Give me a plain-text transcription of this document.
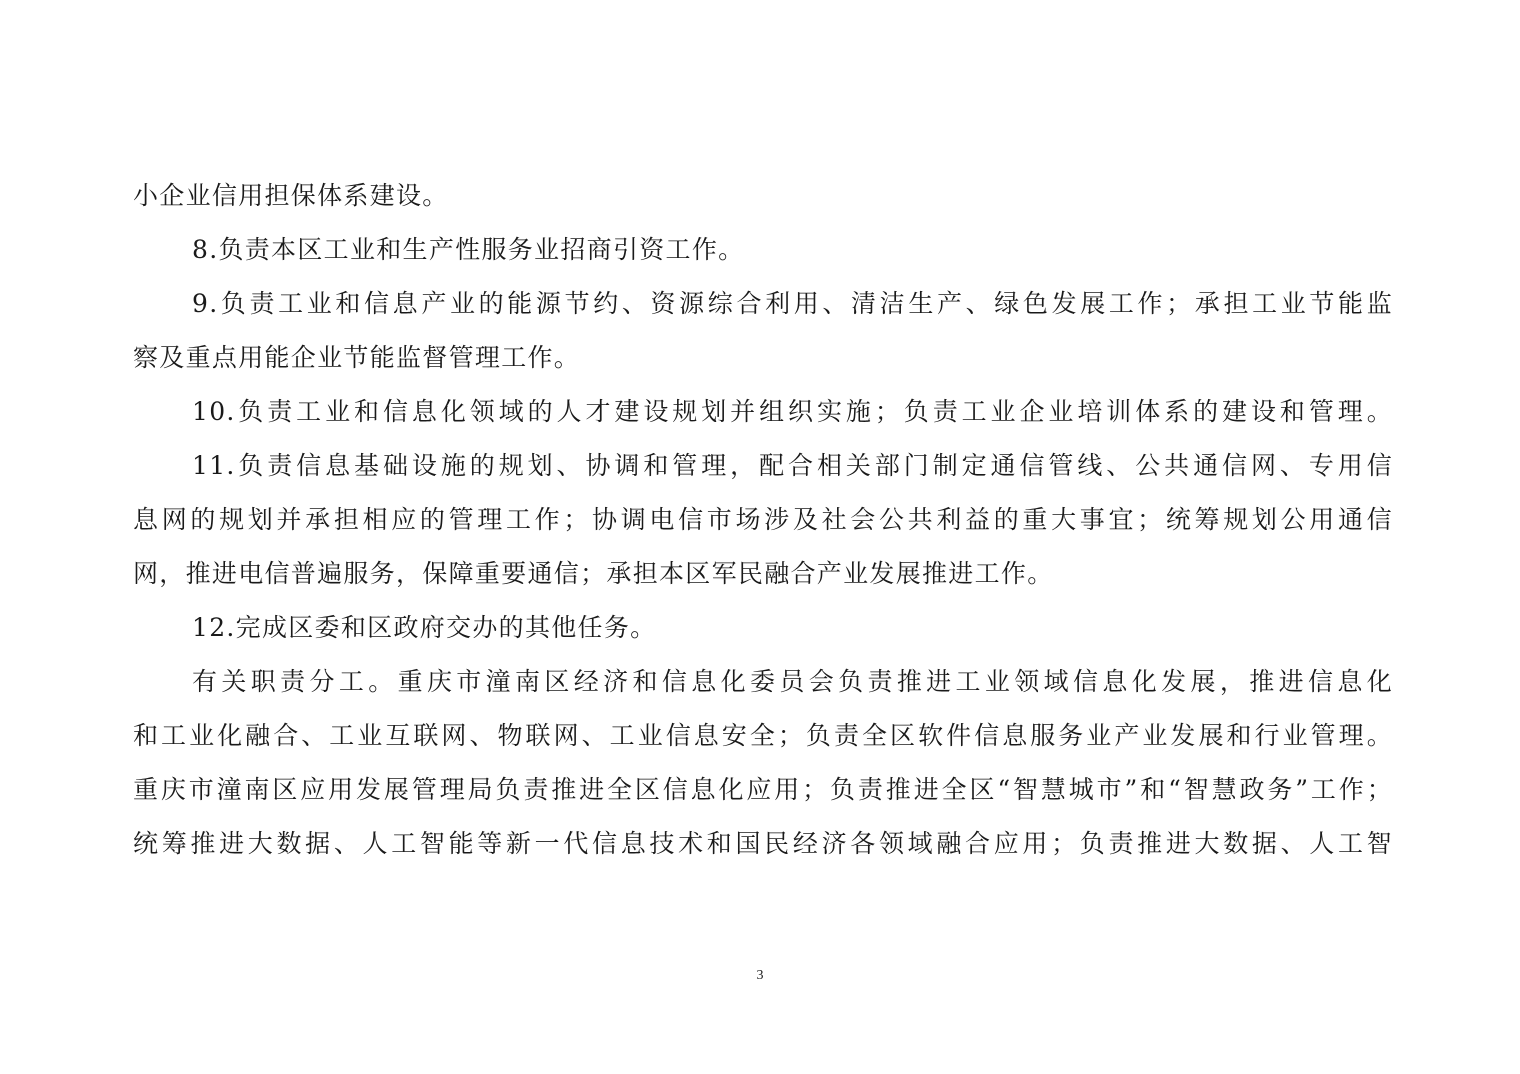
小企业信用担保体系建设。
8.负责本区工业和生产性服务业招商引资工作。
9.负责工业和信息产业的能源节约、资源综合利用、清洁生产、绿色发展工作；承担工业节能监
察及重点用能企业节能监督管理工作。
10.负责工业和信息化领域的人才建设规划并组织实施；负责工业企业培训体系的建设和管理。
11.负责信息基础设施的规划、协调和管理，配合相关部门制定通信管线、公共通信网、专用信
息网的规划并承担相应的管理工作；协调电信市场涉及社会公共利益的重大事宜；统筹规划公用通信
网，推进电信普遍服务，保障重要通信；承担本区军民融合产业发展推进工作。
12.完成区委和区政府交办的其他任务。
有关职责分工。重庆市潼南区经济和信息化委员会负责推进工业领域信息化发展，推进信息化
和工业化融合、工业互联网、物联网、工业信息安全；负责全区软件信息服务业产业发展和行业管理。
重庆市潼南区应用发展管理局负责推进全区信息化应用；负责推进全区“智慧城市”和“智慧政务”工作；
统筹推进大数据、人工智能等新一代信息技术和国民经济各领域融合应用；负责推进大数据、人工智
3
